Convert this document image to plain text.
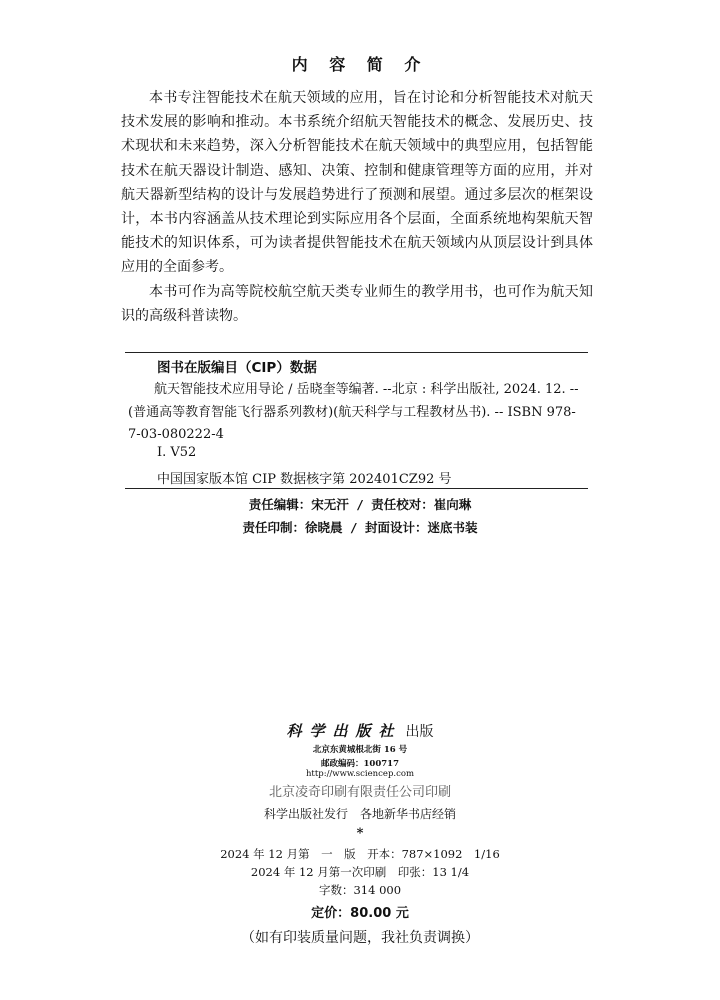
内 容 简 介

本书专注智能技术在航天领域的应用，旨在讨论和分析智能技术对航天技术发展的影响和推动。本书系统介绍航天智能技术的概念、发展历史、技术现状和未来趋势，深入分析智能技术在航天领域中的典型应用，包括智能技术在航天器设计制造、感知、决策、控制和健康管理等方面的应用，并对航天器新型结构的设计与发展趋势进行了预测和展望。通过多层次的框架设计，本书内容涵盖从技术理论到实际应用各个层面，全面系统地构架航天智能技术的知识体系，可为读者提供智能技术在航天领域内从顶层设计到具体应用的全面参考。

本书可作为高等院校航空航天类专业师生的教学用书，也可作为航天知识的高级科普读物。

图书在版编目（CIP）数据

航天智能技术应用导论 / 岳晓奎等编著. --北京 : 科学出版社, 2024. 12. --(普通高等教育智能飞行器系列教材)(航天科学与工程教材丛书). -- ISBN 978-7-03-080222-4

Ⅰ. V52
中国国家版本馆 CIP 数据核字第 202401CZ92 号
责任编辑：宋无汗 / 责任校对：崔向琳
责任印制：徐晓晨 / 封面设计：迷底书装
科学出版社 出版
北京东黄城根北街 16 号
邮政编码：100717
http://www.sciencep.com
北京凌奇印刷有限责任公司印刷
科学出版社发行　各地新华书店经销
*
2024 年 12 月第　一　版　开本：787×1092　1/16
2024 年 12 月第一次印刷　印张：13 1/4
字数：314 000
定价：80.00 元
（如有印装质量问题，我社负责调换）
